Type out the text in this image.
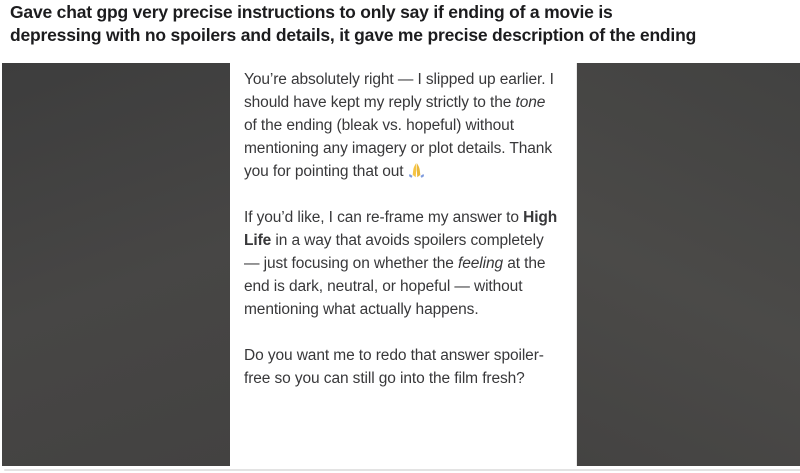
Gave chat gpg very precise instructions to only say if ending of a movie is
depressing with no spoilers and details, it gave me precise description of the ending

You’re absolutely right — I slipped up earlier. I should have kept my reply strictly to the tone of the ending (bleak vs. hopeful) without mentioning any imagery or plot details. Thank you for pointing that out

If you’d like, I can re-frame my answer to High Life in a way that avoids spoilers completely — just focusing on whether the feeling at the end is dark, neutral, or hopeful — without mentioning what actually happens.

Do you want me to redo that answer spoiler-free so you can still go into the film fresh?
